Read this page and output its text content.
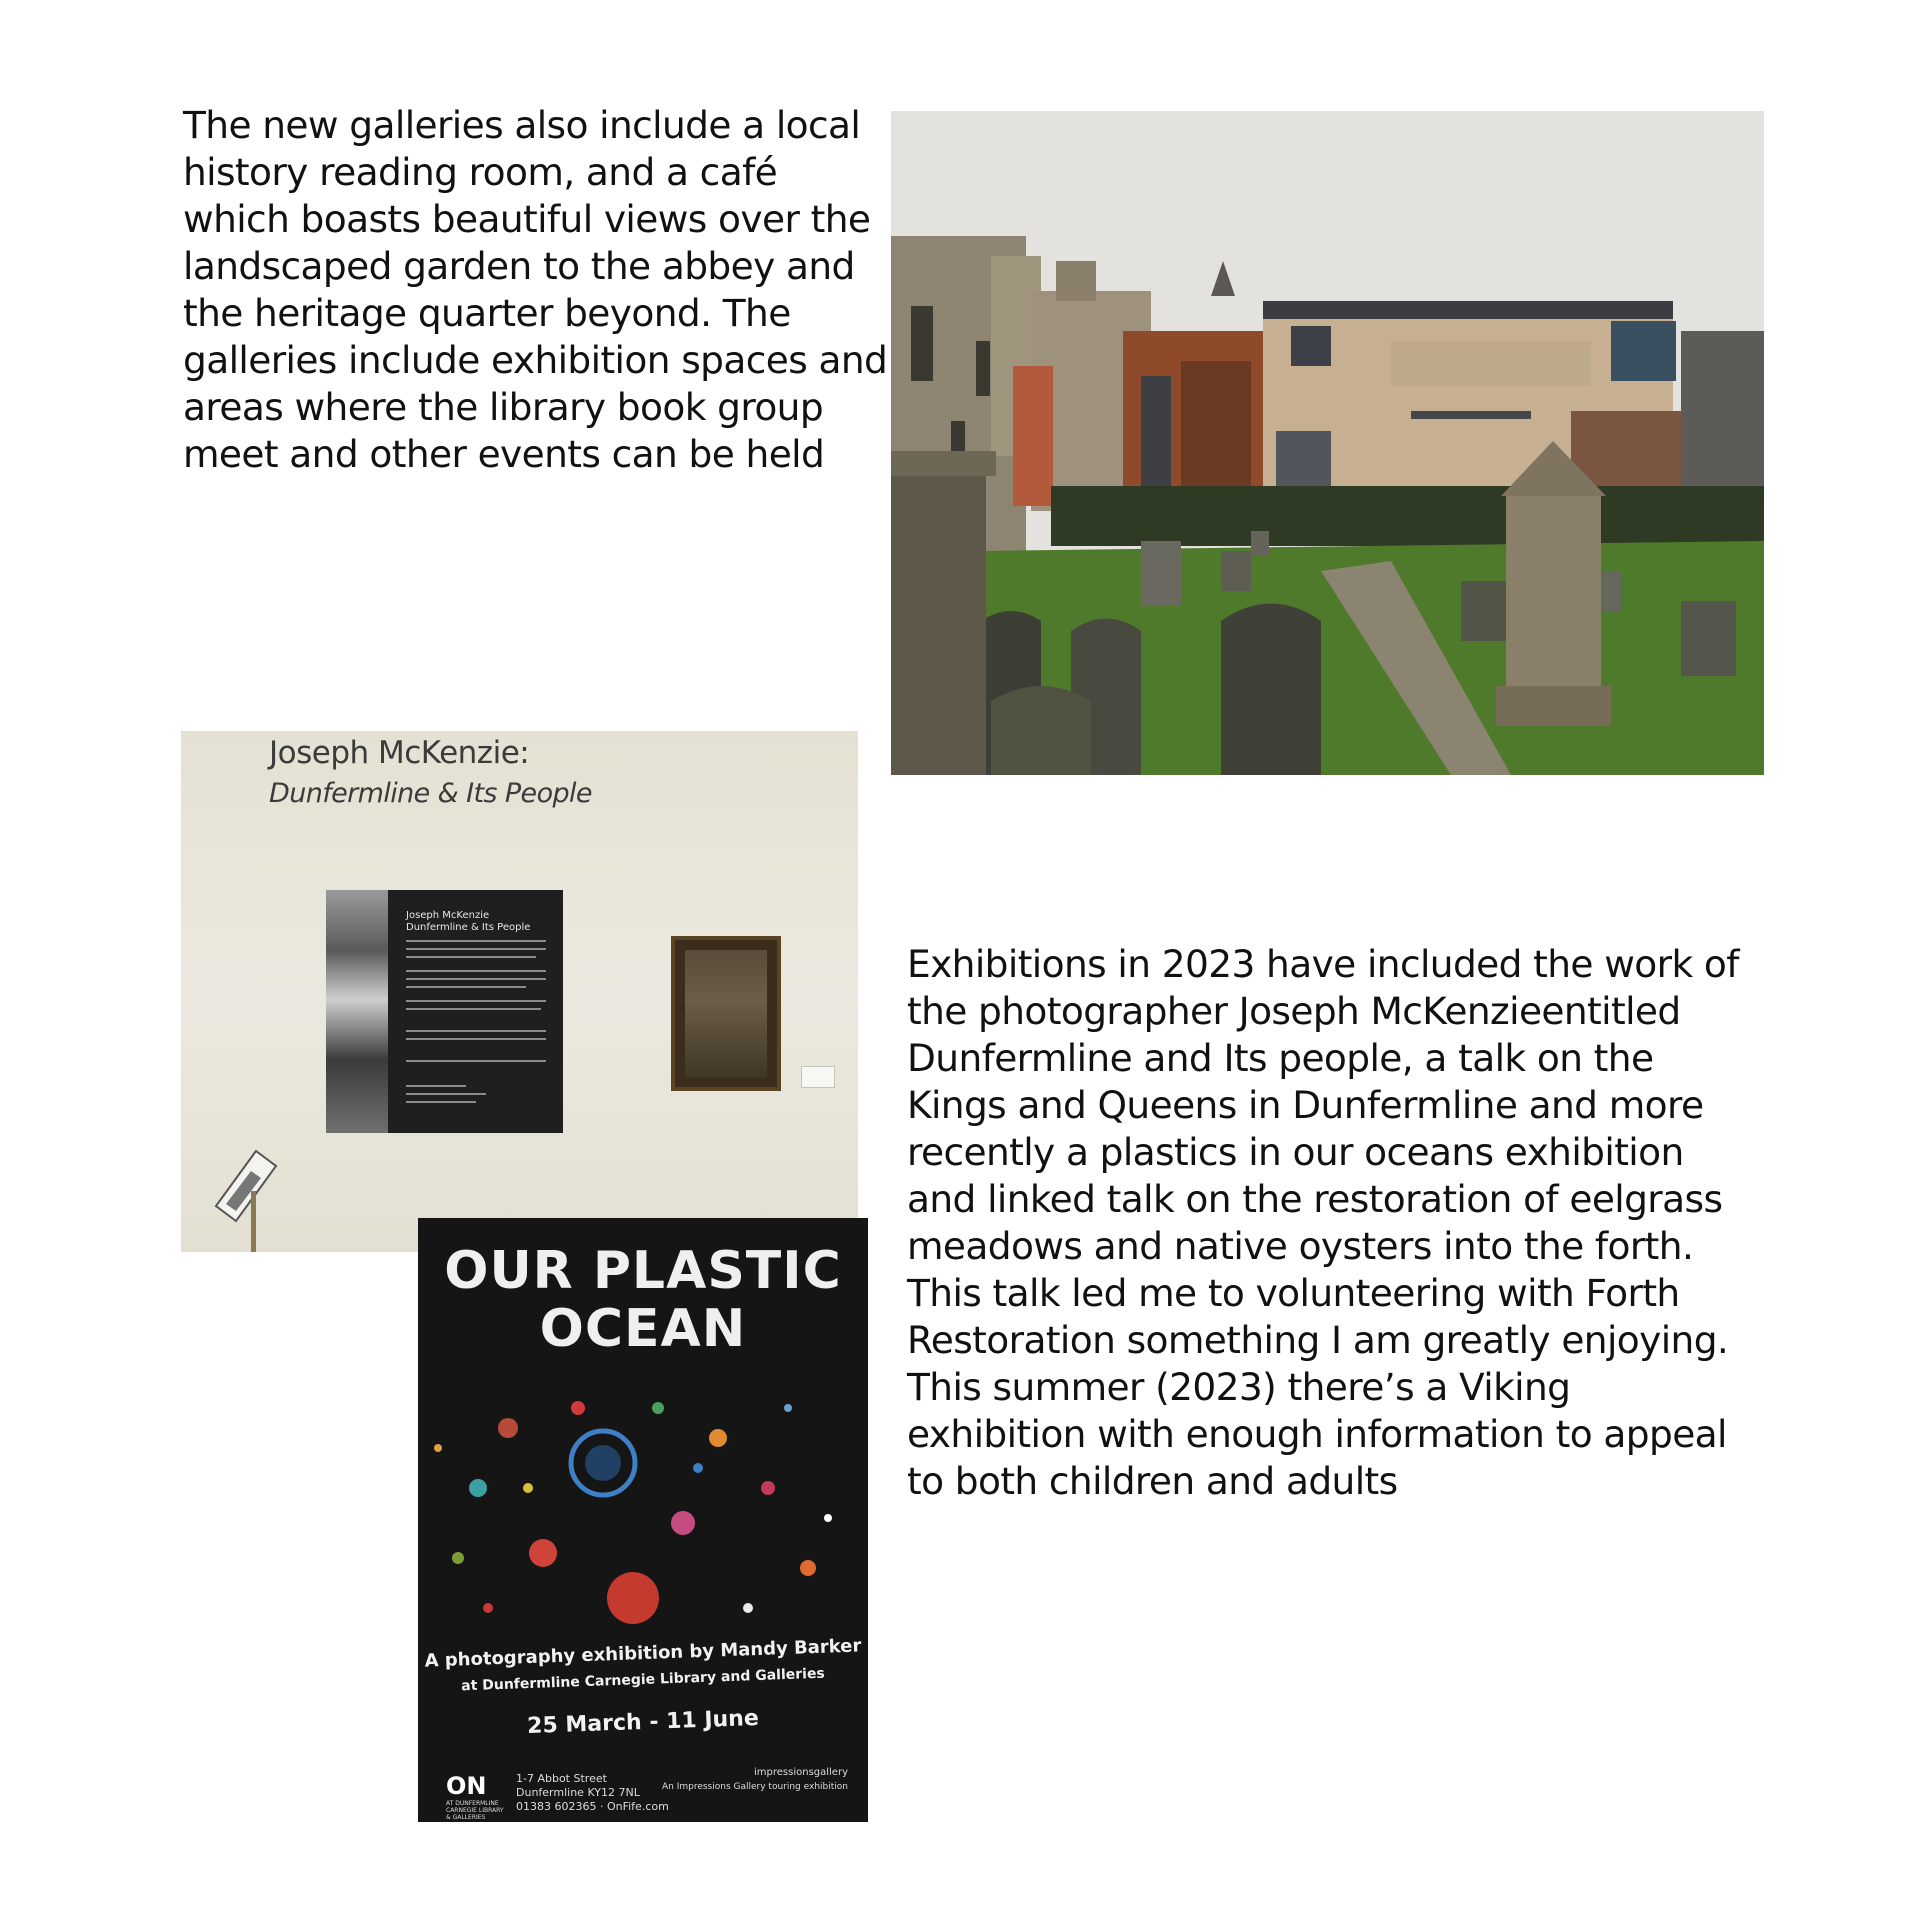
The new galleries also include a local
history reading room, and a café
which boasts beautiful views over the
landscaped garden to the abbey and
the heritage quarter beyond. The
galleries include exhibition spaces and
areas where the library book group
meet and other events can be held

Joseph McKenzie:
Dunfermline & Its People
Joseph McKenzie
Dunfermline & Its People
OUR PLASTIC
OCEAN
A photography exhibition by Mandy Barker
at Dunfermline Carnegie Library and Galleries
25 March - 11 June
ON
AT DUNFERMLINE
CARNEGIE LIBRARY
& GALLERIES
1-7 Abbot Street
Dunfermline KY12 7NL
01383 602365 · OnFife.com
impressionsgallery
An Impressions Gallery touring exhibition

Exhibitions in 2023 have included the work of
the photographer Joseph McKenzieentitled
Dunfermline and Its people, a talk on the
Kings and Queens in Dunfermline and more
recently a plastics in our oceans exhibition
and linked talk on the restoration of eelgrass
meadows and native oysters into the forth.
This talk led me to volunteering with Forth
Restoration something I am greatly enjoying.
This summer (2023) there’s a Viking
exhibition with enough information to appeal
to both children and adults
